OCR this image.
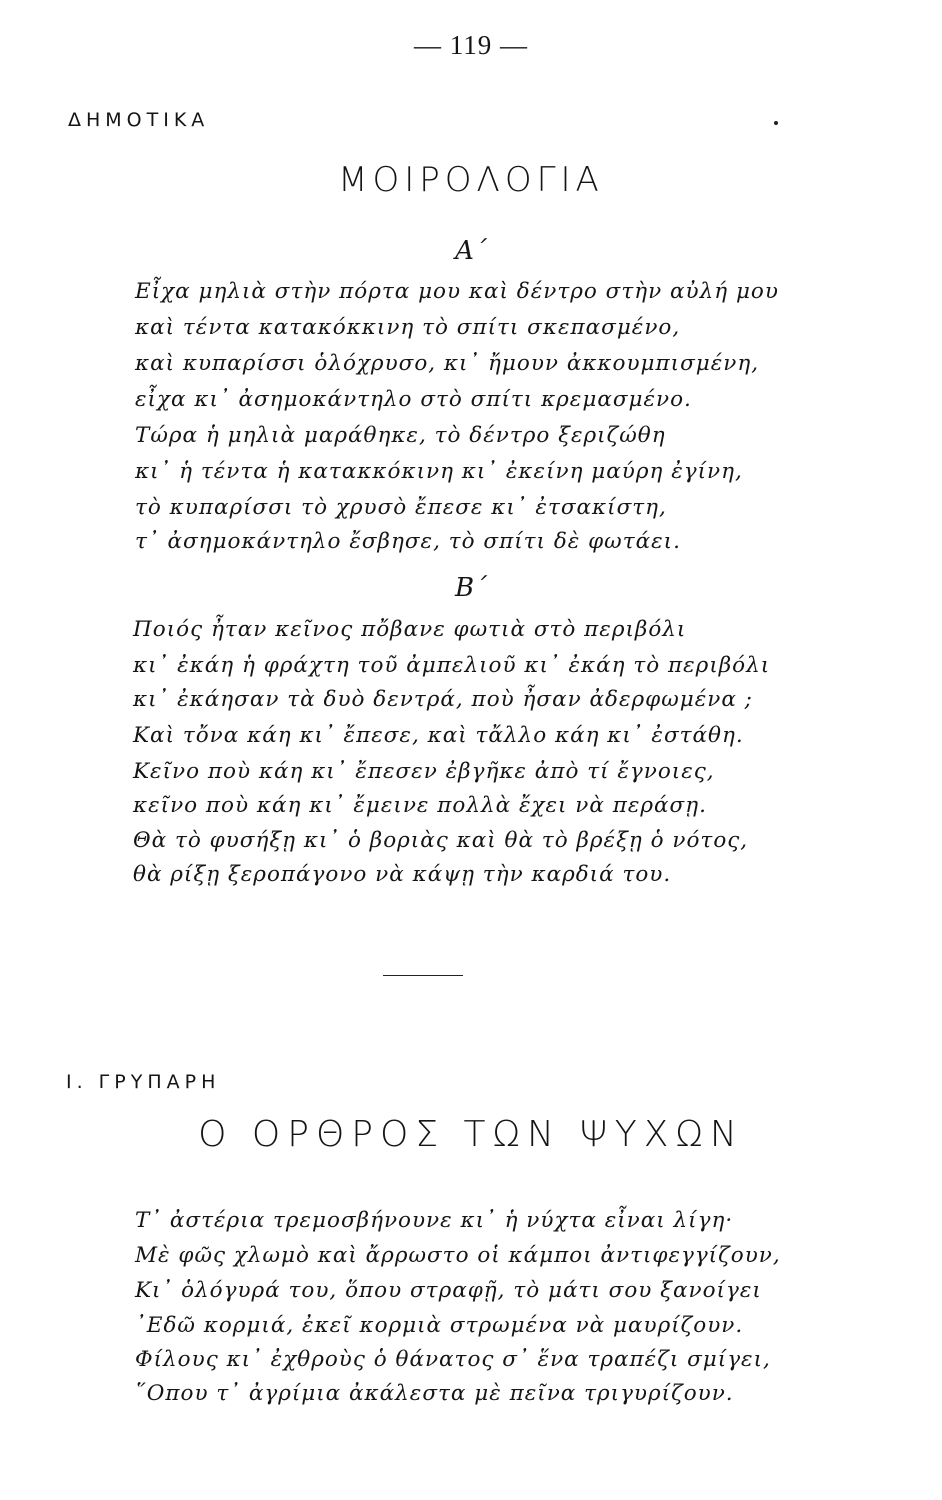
— 119 —
ΔΗΜΟΤΙΚΑ
ΜΟΙΡΟΛΟΓΙΑ
Α΄
Εἶχα μηλιὰ στὴν πόρτα μου καὶ δέντρο στὴν αὐλή μου
καὶ τέντα κατακόκκινη τὸ σπίτι σκεπασμένο,
καὶ κυπαρίσσι ὁλόχρυσο, κι᾽ ἤμουν ἀκκουμπισμένη,
εἶχα κι᾽ ἀσημοκάντηλο στὸ σπίτι κρεμασμένο.
Τώρα ἡ μηλιὰ μαράθηκε, τὸ δέντρο ξεριζώθη
κι᾽ ἡ τέντα ἡ κατακκόκινη κι᾽ ἐκείνη μαύρη ἐγίνη,
τὸ κυπαρίσσι τὸ χρυσὸ ἔπεσε κι᾽ ἐτσακίστη,
τ᾽ ἀσημοκάντηλο ἔσβησε, τὸ σπίτι δὲ φωτάει.
Β΄
Ποιός ἦταν κεῖνος πὄβανε φωτιὰ στὸ περιβόλι
κι᾽ ἐκάη ἡ φράχτη τοῦ ἀμπελιοῦ κι᾽ ἐκάη τὸ περιβόλι
κι᾽ ἐκάησαν τὰ δυὸ δεντρά, ποὺ ἦσαν ἀδερφωμένα ;
Καὶ τὄνα κάη κι᾽ ἔπεσε, καὶ τἄλλο κάη κι᾽ ἐστάθη.
Κεῖνο ποὺ κάη κι᾽ ἔπεσεν ἐβγῆκε ἀπὸ τί ἔγνοιες,
κεῖνο ποὺ κάη κι᾽ ἔμεινε πολλὰ ἔχει νὰ περάσῃ.
Θὰ τὸ φυσήξῃ κι᾽ ὁ βοριὰς καὶ θὰ τὸ βρέξῃ ὁ νότος,
θὰ ρίξῃ ξεροπάγονο νὰ κάψῃ τὴν καρδιά του.
Ι. ΓΡΥΠΑΡΗ
Ο ΟΡΘΡΟΣ ΤΩΝ ΨΥΧΩΝ
Τ᾽ ἀστέρια τρεμοσβήνουνε κι᾽ ἡ νύχτα εἶναι λίγη·
Μὲ φῶς χλωμὸ καὶ ἄρρωστο οἱ κάμποι ἀντιφεγγίζουν,
Κι᾽ ὁλόγυρά του, ὅπου στραφῇ, τὸ μάτι σου ξανοίγει
᾽Εδῶ κορμιά, ἐκεῖ κορμιὰ στρωμένα νὰ μαυρίζουν.
Φίλους κι᾽ ἐχθροὺς ὁ θάνατος σ᾽ ἕνα τραπέζι σμίγει,
῞Οπου τ᾽ ἀγρίμια ἀκάλεστα μὲ πεῖνα τριγυρίζουν.
